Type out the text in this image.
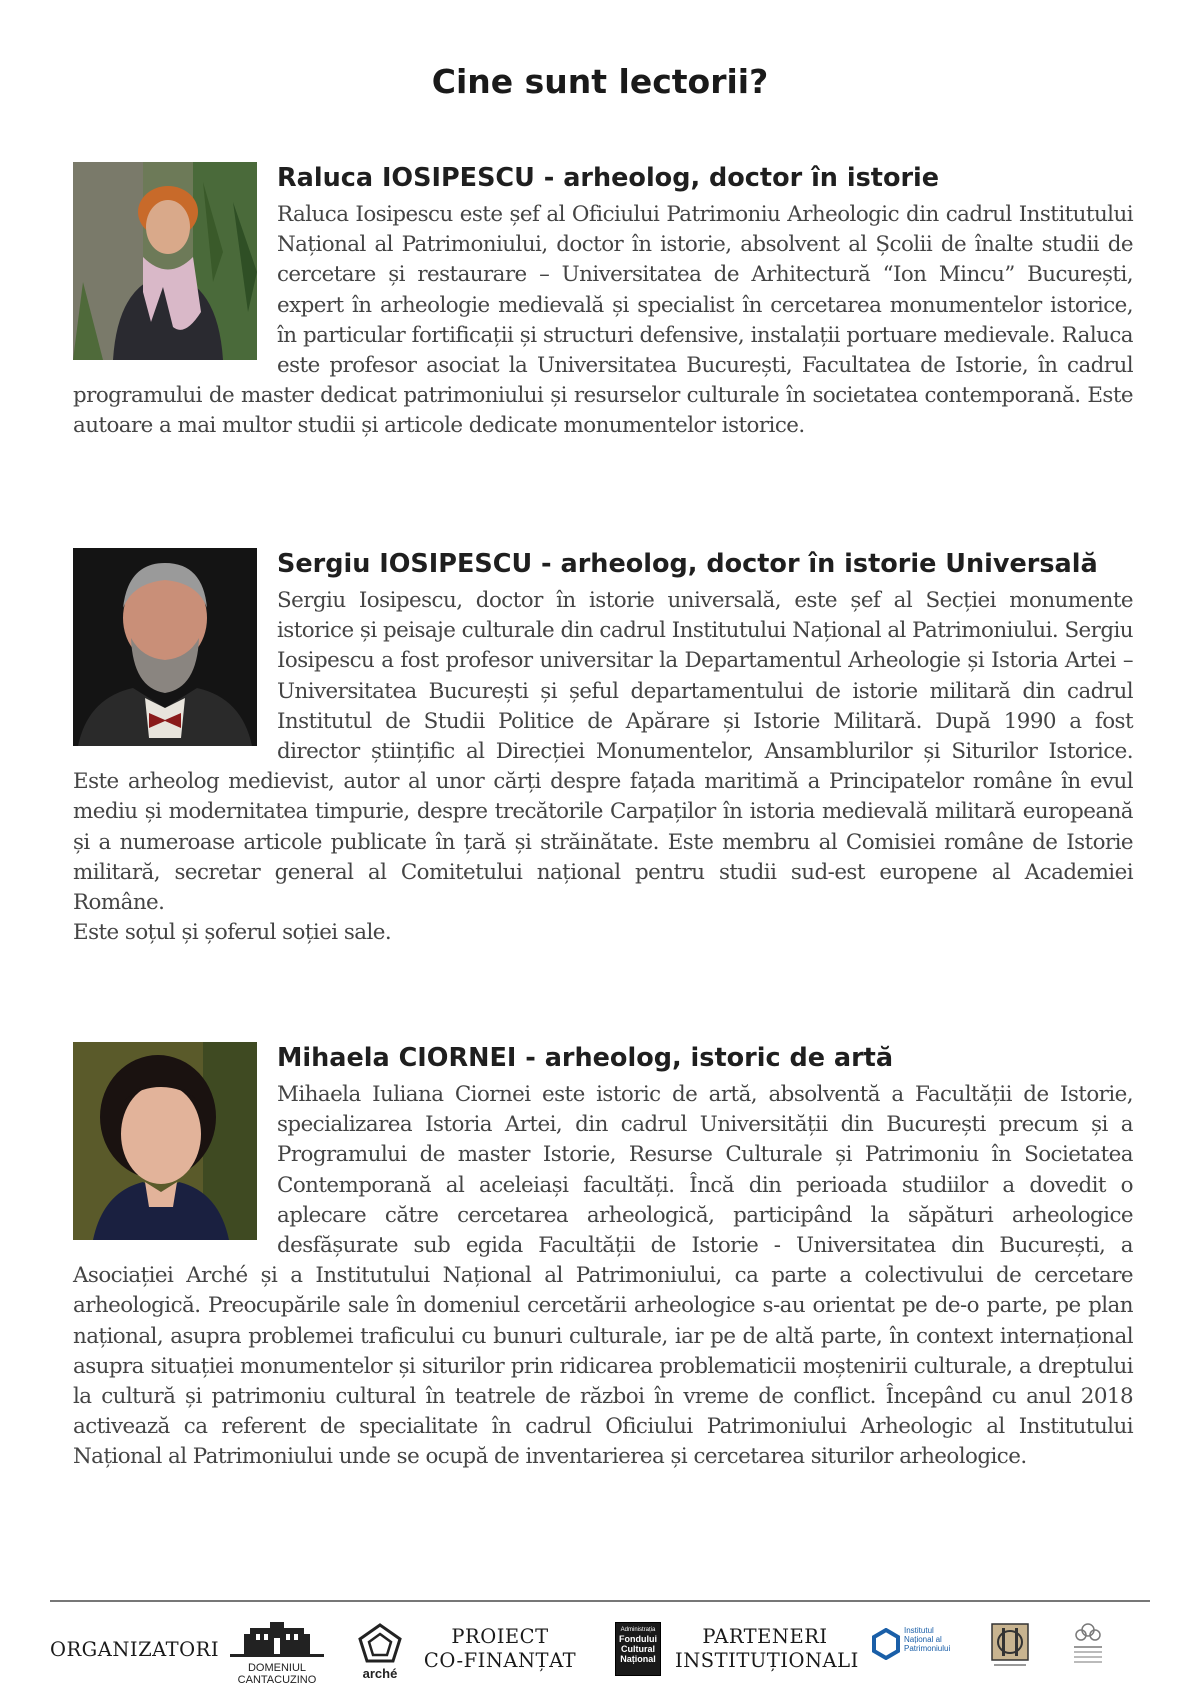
Cine sunt lectorii?
Raluca IOSIPESCU - arheolog, doctor în istorie

Raluca Iosipescu este șef al Oficiului Patrimoniu Arheologic din cadrul Institutului Național al Patrimoniului, doctor în istorie, absolvent al Școlii de înalte studii de cercetare și restaurare – Universitatea de Arhitectură “Ion Mincu” București, expert în arheologie medievală și specialist în cercetarea monumentelor istorice, în particular fortificații și structuri defensive, instalații portuare medievale. Raluca este profesor asociat la Universitatea București, Facultatea de Istorie, în cadrul programului de master dedicat patrimoniului și resurselor culturale în societatea contemporană. Este autoare a mai multor studii și articole dedicate monumentelor istorice.

Sergiu IOSIPESCU - arheolog, doctor în istorie Universală

Sergiu Iosipescu, doctor în istorie universală, este șef al Secției monumente istorice și peisaje culturale din cadrul Institutului Național al Patrimoniului. Sergiu Iosipescu a fost profesor universitar la Departamentul Arheologie și Istoria Artei – Universitatea București și șeful departamentului de istorie militară din cadrul Institutul de Studii Politice de Apărare și Istorie Militară. După 1990 a fost director științific al Direcției Monumentelor, Ansamblurilor și Siturilor Istorice. Este arheolog medievist, autor al unor cărți despre fațada maritimă a Principatelor române în evul mediu și modernitatea timpurie, despre trecătorile Carpaților în istoria medievală militară europeană și a numeroase articole publicate în țară și străinătate. Este membru al Comisiei române de Istorie militară, secretar general al Comitetului național pentru studii sud-est europene al Academiei Române.

Este soțul și șoferul soției sale.

Mihaela CIORNEI - arheolog, istoric de artă

Mihaela Iuliana Ciornei este istoric de artă, absolventă a Facultății de Istorie, specializarea Istoria Artei, din cadrul Universității din București precum și a Programului de master Istorie, Resurse Culturale și Patrimoniu în Societatea Contemporană al aceleiași facultăți. Încă din perioada studiilor a dovedit o aplecare către cercetarea arheologică, participând la săpături arheologice desfășurate sub egida Facultății de Istorie - Universitatea din București, a Asociației Arché și a Institutului Național al Patrimoniului, ca parte a colectivului de cercetare arheologică. Preocupările sale în domeniul cercetării arheologice s-au orientat pe de-o parte, pe plan național, asupra problemei traficului cu bunuri culturale, iar pe de altă parte, în context internațional asupra situației monumentelor și siturilor prin ridicarea problematicii moștenirii culturale, a dreptului la cultură și patrimoniu cultural în teatrele de război în vreme de conflict. Începând cu anul 2018 activează ca referent de specialitate în cadrul Oficiului Patrimoniului Arheologic al Institutului Național al Patrimoniului unde se ocupă de inventarierea și cercetarea siturilor arheologice.

ORGANIZATORI
DOMENIUL
CANTACUZINO	arché
PROIECT
CO-FINANȚAT
Administrația
Fondului
Cultural
Național
PARTENERI
INSTITUȚIONALI
Institutul
Național al
Patrimoniului
